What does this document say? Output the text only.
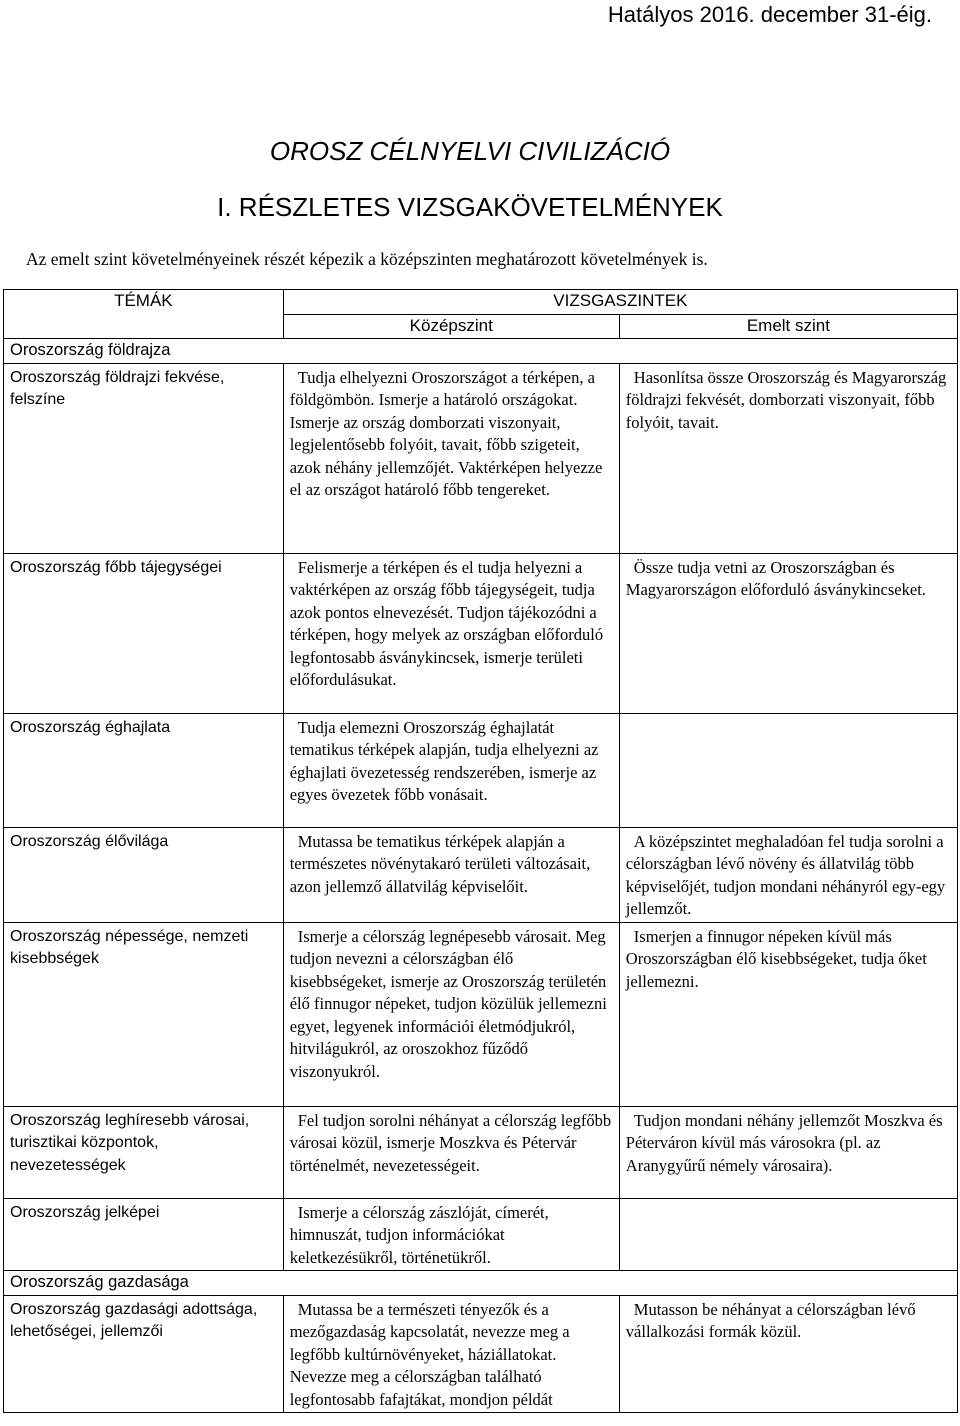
Hatályos 2016. december 31-éig.
OROSZ CÉLNYELVI CIVILIZÁCIÓ
I. RÉSZLETES VIZSGAKÖVETELMÉNYEK
Az emelt szint követelményeinek részét képezik a középszinten meghatározott követelmények is.
TÉMÁK	VIZSGASZINTEK	
	Középszint	Emelt szint
Oroszország földrajza		
Oroszország földrajzi fekvése, felszíne	Tudja elhelyezni Oroszországot a térképen, a földgömbön. Ismerje a határoló országokat. Ismerje az ország domborzati viszonyait, legjelentősebb folyóit, tavait, főbb szigeteit, azok néhány jellemzőjét. Vaktérképen helyezze el az országot határoló főbb tengereket.	Hasonlítsa össze Oroszország és Magyarország földrajzi fekvését, domborzati viszonyait, főbb folyóit, tavait.
Oroszország főbb tájegységei	Felismerje a térképen és el tudja helyezni a vaktérképen az ország főbb tájegységeit, tudja azok pontos elnevezését. Tudjon tájékozódni a térképen, hogy melyek az országban előforduló legfontosabb ásványkincsek, ismerje területi előfordulásukat.	Össze tudja vetni az Oroszországban és Magyarországon előforduló ásványkincseket.
Oroszország éghajlata	Tudja elemezni Oroszország éghajlatát tematikus térképek alapján, tudja elhelyezni az éghajlati övezetesség rendszerében, ismerje az egyes övezetek főbb vonásait.	
Oroszország élővilága	Mutassa be tematikus térképek alapján a természetes növénytakaró területi változásait, azon jellemző állatvilág képviselőit.	A középszintet meghaladóan fel tudja sorolni a célországban lévő növény és állatvilág több képviselőjét, tudjon mondani néhányról egy-egy jellemzőt.
Oroszország népessége, nemzeti kisebbségek	Ismerje a célország legnépesebb városait. Meg tudjon nevezni a célországban élő kisebbségeket, ismerje az Oroszország területén élő finnugor népeket, tudjon közülük jellemezni egyet, legyenek információi életmódjukról, hitvilágukról, az oroszokhoz fűződő viszonyukról.	Ismerjen a finnugor népeken kívül más Oroszországban élő kisebbségeket, tudja őket jellemezni.
Oroszország leghíresebb városai, turisztikai központok, nevezetességek	Fel tudjon sorolni néhányat a célország legfőbb városai közül, ismerje Moszkva és Pétervár történelmét, nevezetességeit.	Tudjon mondani néhány jellemzőt Moszkva és Péterváron kívül más városokra (pl. az Aranygyűrű némely városaira).
Oroszország jelképei	Ismerje a célország zászlóját, címerét, himnuszát, tudjon információkat keletkezésükről, történetükről.	
Oroszország gazdasága		
Oroszország gazdasági adottsága, lehetőségei, jellemzői	Mutassa be a természeti tényezők és a mezőgazdaság kapcsolatát, nevezze meg a legfőbb kultúrnövényeket, háziállatokat. Nevezze meg a célországban található legfontosabb fafajtákat, mondjon példát	Mutasson be néhányat a célországban lévő vállalkozási formák közül.
